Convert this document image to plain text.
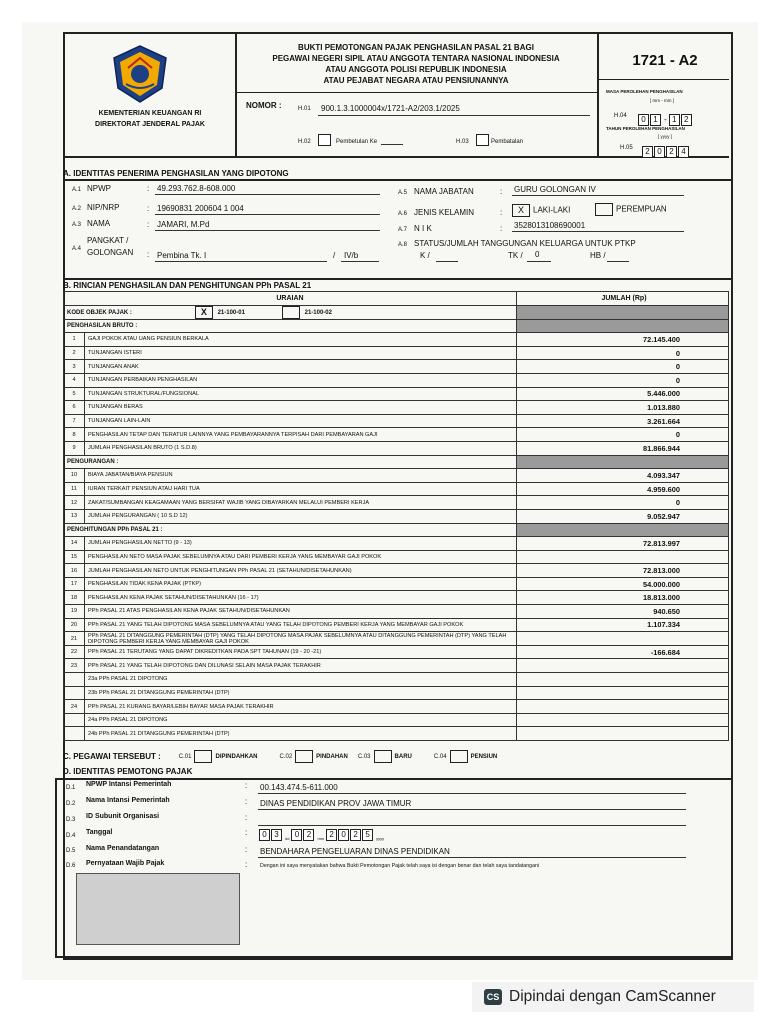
KEMENTERIAN KEUANGAN RI
DIREKTORAT JENDERAL PAJAK
BUKTI PEMOTONGAN PAJAK PENGHASILAN PASAL 21 BAGI
PEGAWAI NEGERI SIPIL ATAU ANGGOTA TENTARA NASIONAL INDONESIA
ATAU ANGGOTA POLISI REPUBLIK INDONESIA
ATAU PEJABAT NEGARA ATAU PENSIUNANNYA
NOMOR :	H.01 900.1.3.1000004x/1721-A2/203.1/2025
H.02	Pembetulan Ke	H.03	Pembatalan
1721 - A2
MASA PEROLEHAN PENGHASILAN
[ mm - mm ]
H.04	0 1 - 1 2
TAHUN PEROLEHAN PENGHASILAN
[ yyyy ]
H.05	2 0 2 4
A. IDENTITAS PENERIMA PENGHASILAN YANG DIPOTONG
A.1 NPWP	: 49.293.762.8-608.000
A.2 NIP/NRP	: 19690831 200604 1 004
A.3 NAMA	: JAMARI, M.Pd
A.4
PANGKAT /
GOLONGAN : Pembina Tk. I	/ IV/b
A.5 NAMA JABATAN	: GURU GOLONGAN IV
A.6 JENIS KELAMIN	:	X LAKI-LAKI	PEREMPUAN
A.7 N I K	: 3528013108690001
A.8 STATUS/JUMLAH TANGGUNGAN KELUARGA UNTUK PTKP
K /	TK / 0	HB /
B. RINCIAN PENGHASILAN DAN PENGHITUNGAN PPh PASAL 21
URAIAN		JUMLAH (Rp)
KODE OBJEK PAJAK : X 21-100-01 21-100-02		
PENGHASILAN BRUTO :		
1	GAJI POKOK ATAU UANG PENSIUN BERKALA	72.145.400
2	TUNJANGAN ISTERI	0
3	TUNJANGAN ANAK	0
4	TUNJANGAN PERBAIKAN PENGHASILAN	0
5	TUNJANGAN STRUKTURAL/FUNGSIONAL	5.446.000
6	TUNJANGAN BERAS	1.013.880
7	TUNJANGAN LAIN-LAIN	3.261.664
8	PENGHASILAN TETAP DAN TERATUR LAINNYA YANG PEMBAYARANNYA TERPISAH DARI PEMBAYARAN GAJI	0
9	JUMLAH PENGHASILAN BRUTO (1 S.D.8)	81.866.944
PENGURANGAN :		
10	BIAYA JABATAN/BIAYA PENSIUN	4.093.347
11	IURAN TERKAIT PENSIUN ATAU HARI TUA	4.959.600
12	ZAKAT/SUMBANGAN KEAGAMAAN YANG BERSIFAT WAJIB YANG DIBAYARKAN MELALUI PEMBERI KERJA	0
13	JUMLAH PENGURANGAN ( 10 S.D 12)	9.052.947
PENGHITUNGAN PPh PASAL 21 :		
14	JUMLAH PENGHASILAN NETTO (9 - 13)	72.813.997
15	PENGHASILAN NETO MASA PAJAK SEBELUMNYA ATAU DARI PEMBERI KERJA YANG MEMBAYAR GAJI POKOK	
16	JUMLAH PENGHASILAN NETO UNTUK PENGHITUNGAN PPh PASAL 21 (SETAHUN/DISETAHUNKAN)	72.813.000
17	PENGHASILAN TIDAK KENA PAJAK (PTKP)	54.000.000
18	PENGHASILAN KENA PAJAK SETAHUN/DISETAHUNKAN (16 - 17)	18.813.000
19	PPh PASAL 21 ATAS PENGHASILAN KENA PAJAK SETAHUN/DISETAHUNKAN	940.650
20	PPh PASAL 21 YANG TELAH DIPOTONG MASA SEBELUMNYA ATAU YANG TELAH DIPOTONG PEMBERI KERJA YANG MEMBAYAR GAJI POKOK	1.107.334
21	PPh PASAL 21 DITANGGUNG PEMERINTAH (DTP) YANG TELAH DIPOTONG MASA PAJAK SEBELUMNYA ATAU DITANGGUNG PEMERINTAH (DTP) YANG TELAH DIPOTONG PEMBERI KERJA YANG MEMBAYAR GAJI POKOK	
22	PPh PASAL 21 TERUTANG YANG DAPAT DIKREDITKAN PADA SPT TAHUNAN (19 - 20 -21)	-166.684
23	PPh PASAL 21 YANG TELAH DIPOTONG DAN DILUNASI SELAIN MASA PAJAK TERAKHIR	
	23a PPh PASAL 21 DIPOTONG	
	23b PPh PASAL 21 DITANGGUNG PEMERINTAH (DTP)	
24	PPh PASAL 21 KURANG BAYAR/LEBIH BAYAR MASA PAJAK TERAKHIR	
	24a PPh PASAL 21 DIPOTONG	
	24b PPh PASAL 21 DITANGGUNG PEMERINTAH (DTP)	
C. PEGAWAI TERSEBUT :	C.01	DIPINDAHKAN	C.02	PINDAHAN C.03	BARU	C.04	PENSIUN
D. IDENTITAS PEMOTONG PAJAK
D.1 NPWP Intansi Pemerintah	: 00.143.474.5-611.000
D.2 Nama Intansi Pemerintah	: DINAS PENDIDIKAN PROV JAWA TIMUR
D.3 ID Subunit Organisasi	:
D.4 Tanggal	:	0 3	dd 0 2	mm 2 0 2 5	yyyy
D.5 Nama Penandatangan	: BENDAHARA PENGELUARAN DINAS PENDIDIKAN
D.6 Pernyataan Wajib Pajak	: Dengan ini saya menyatakan bahwa Bukti Pemotongan Pajak telah saya isi dengan benar dan telah saya tandatangani
CS Dipindai dengan CamScanner
